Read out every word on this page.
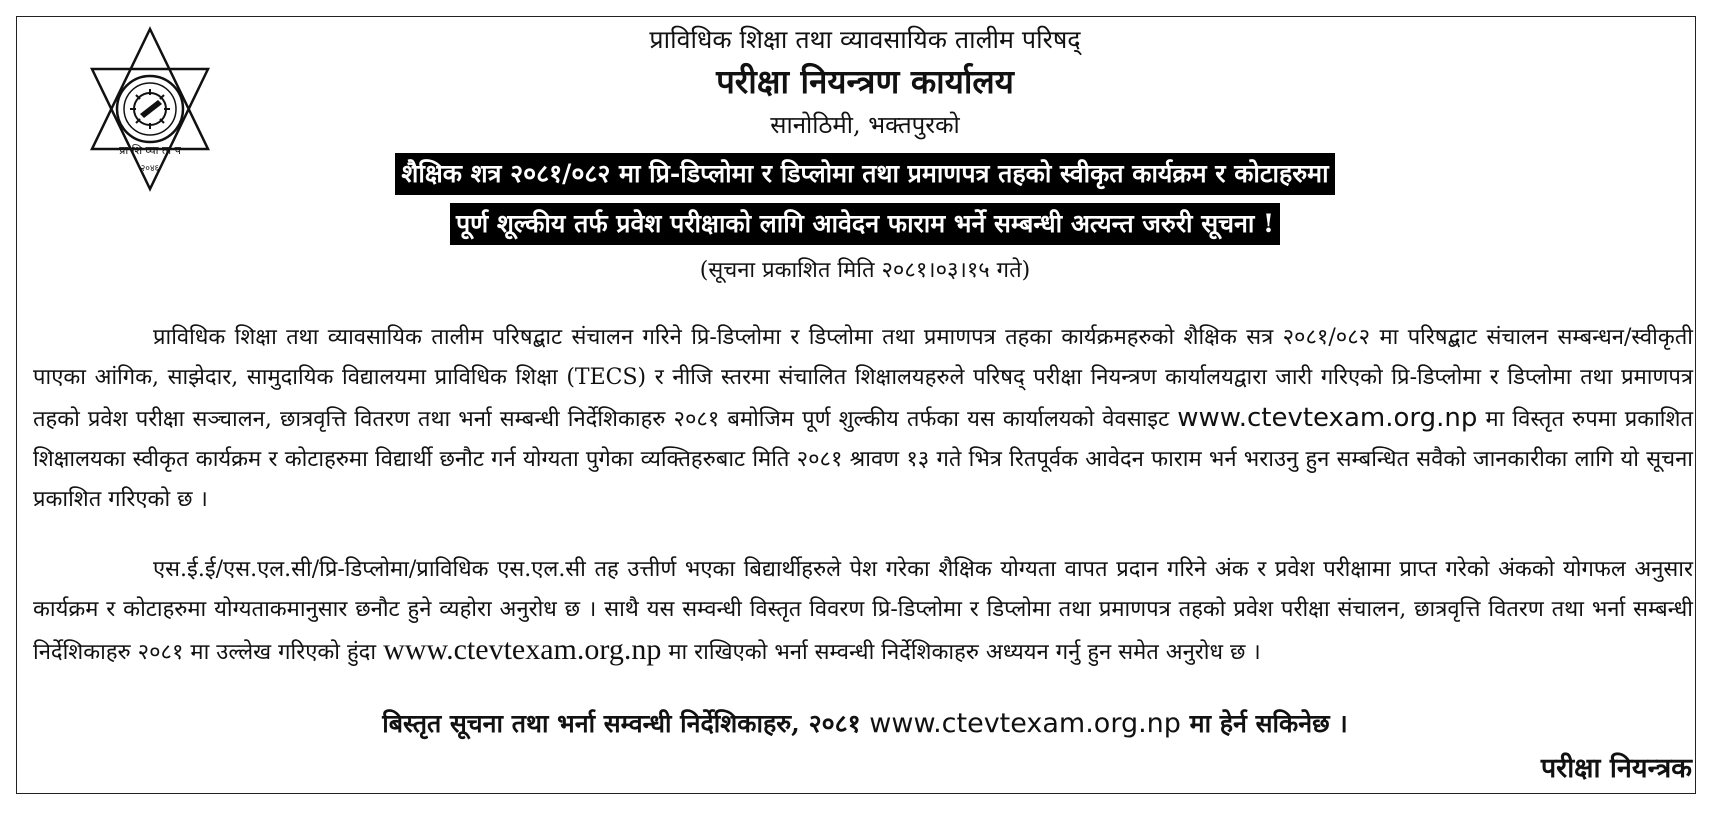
प्रा शि व्या ता प
२०४६
प्राविधिक शिक्षा तथा व्यावसायिक तालीम परिषद्
परीक्षा नियन्त्रण कार्यालय
सानोठिमी, भक्तपुरको
शैक्षिक शत्र २०८१/०८२ मा प्रि-डिप्लोमा र डिप्लोमा तथा प्रमाणपत्र तहको स्वीकृत कार्यक्रम र कोटाहरुमा
पूर्ण शूल्कीय तर्फ प्रवेश परीक्षाको लागि आवेदन फाराम भर्ने सम्बन्धी अत्यन्त जरुरी सूचना !
(सूचना प्रकाशित मिति २०८१।०३।१५ गते)
प्राविधिक शिक्षा तथा व्यावसायिक तालीम परिषद्बाट संचालन गरिने प्रि-डिप्लोमा र डिप्लोमा तथा प्रमाणपत्र तहका कार्यक्रमहरुको शैक्षिक सत्र २०८१/०८२ मा परिषद्बाट संचालन सम्बन्धन/स्वीकृती पाएका आंगिक, साझेदार, सामुदायिक विद्यालयमा प्राविधिक शिक्षा (TECS) र नीजि स्तरमा संचालित शिक्षालयहरुले परिषद् परीक्षा नियन्त्रण कार्यालयद्वारा जारी गरिएको प्रि-डिप्लोमा र डिप्लोमा तथा प्रमाणपत्र तहको प्रवेश परीक्षा सञ्चालन, छात्रवृत्ति वितरण तथा भर्ना सम्बन्धी निर्देशिकाहरु २०८१ बमोजिम पूर्ण शुल्कीय तर्फका यस कार्यालयको वेवसाइट www.ctevtexam.org.np मा विस्तृत रुपमा प्रकाशित शिक्षालयका स्वीकृत कार्यक्रम र कोटाहरुमा विद्यार्थी छनौट गर्न योग्यता पुगेका व्यक्तिहरुबाट मिति २०८१ श्रावण १३ गते भित्र रितपूर्वक आवेदन फाराम भर्न भराउनु हुन सम्बन्धित सवैको जानकारीका लागि यो सूचना प्रकाशित गरिएको छ ।
एस.ई.ई/एस.एल.सी/प्रि-डिप्लोमा/प्राविधिक एस.एल.सी तह उत्तीर्ण भएका बिद्यार्थीहरुले पेश गरेका शैक्षिक योग्यता वापत प्रदान गरिने अंक र प्रवेश परीक्षामा प्राप्त गरेको अंकको योगफल अनुसार कार्यक्रम र कोटाहरुमा योग्यताकमानुसार छनौट हुने व्यहोरा अनुरोध छ । साथै यस सम्वन्धी विस्तृत विवरण प्रि-डिप्लोमा र डिप्लोमा तथा प्रमाणपत्र तहको प्रवेश परीक्षा संचालन, छात्रवृत्ति वितरण तथा भर्ना सम्बन्धी निर्देशिकाहरु २०८१ मा उल्लेख गरिएको हुंदा www.ctevtexam.org.np मा राखिएको भर्ना सम्वन्धी निर्देशिकाहरु अध्ययन गर्नु हुन समेत अनुरोध छ ।
बिस्तृत सूचना तथा भर्ना सम्वन्धी निर्देशिकाहरु, २०८१ www.ctevtexam.org.np मा हेर्न सकिनेछ ।
परीक्षा नियन्त्रक
